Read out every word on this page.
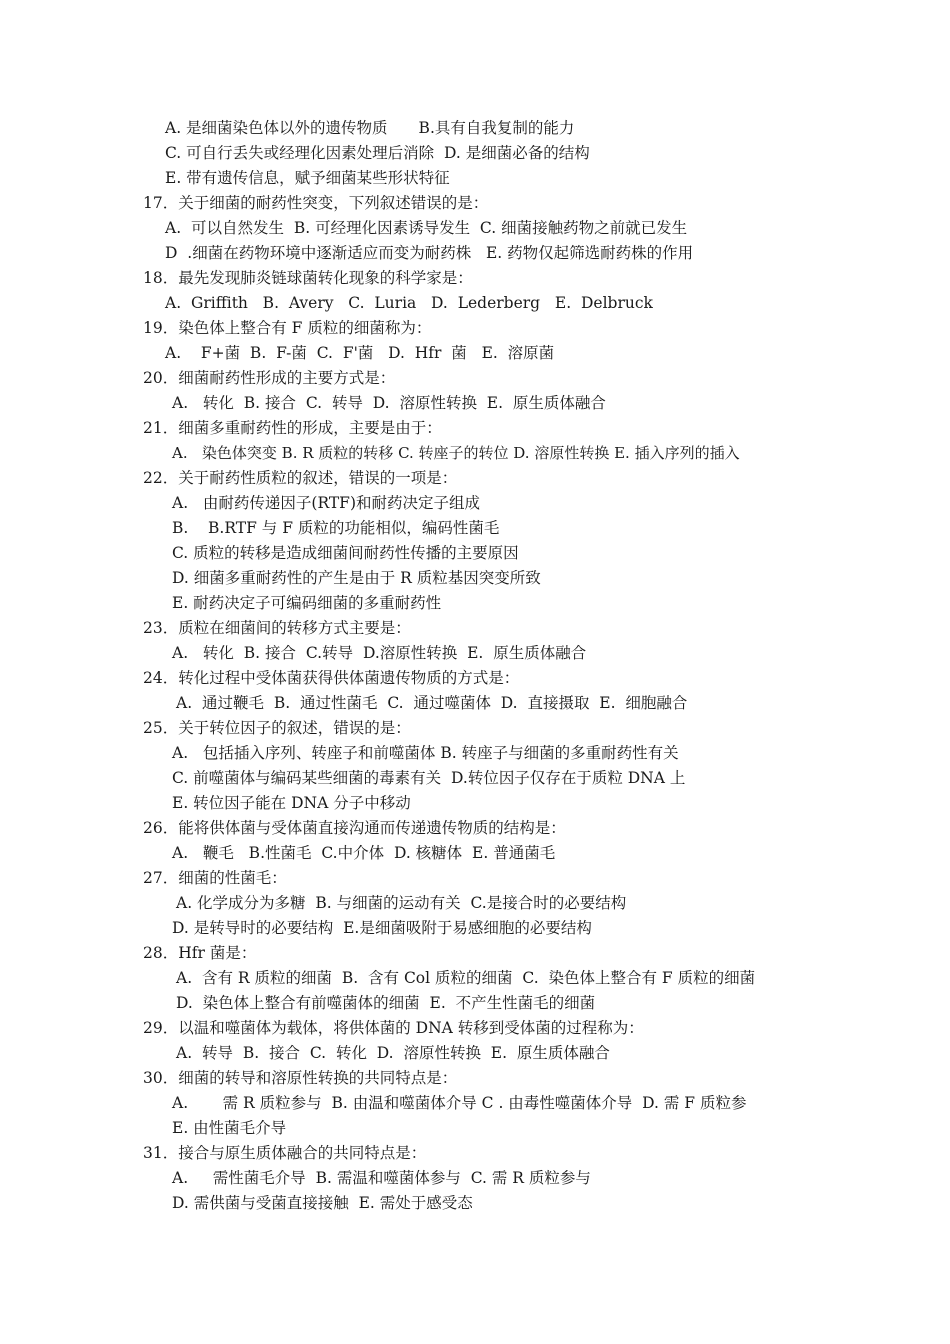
A. 是细菌染色体以外的遗传物质　　B.具有自我复制的能力
C. 可自行丢失或经理化因素处理后消除  D. 是细菌必备的结构
E. 带有遗传信息，赋予细菌某些形状特征
17．关于细菌的耐药性突变，下列叙述错误的是：
A.  可以自然发生  B. 可经理化因素诱导发生  C. 细菌接触药物之前就已发生
D  .细菌在药物环境中逐渐适应而变为耐药株   E. 药物仅起筛选耐药株的作用
18．最先发现肺炎链球菌转化现象的科学家是：
A.  Griffith   B.  Avery   C.  Luria   D.  Lederberg   E.  Delbruck
19．染色体上整合有 F 质粒的细菌称为：
A.    F+菌  B.  F-菌  C.  F'菌   D.  Hfr  菌   E.  溶原菌
20．细菌耐药性形成的主要方式是：
A.   转化  B. 接合  C.  转导  D.  溶原性转换  E.  原生质体融合
21．细菌多重耐药性的形成，主要是由于：
A.   染色体突变 B. R 质粒的转移 C. 转座子的转位 D. 溶原性转换 E. 插入序列的插入
22．关于耐药性质粒的叙述，错误的一项是：
A.   由耐药传递因子(RTF)和耐药决定子组成
B.    B.RTF 与 F 质粒的功能相似，编码性菌毛
C. 质粒的转移是造成细菌间耐药性传播的主要原因
D. 细菌多重耐药性的产生是由于 R 质粒基因突变所致
E. 耐药决定子可编码细菌的多重耐药性
23．质粒在细菌间的转移方式主要是：
A.   转化  B. 接合  C.转导  D.溶原性转换  E.  原生质体融合
24．转化过程中受体菌获得供体菌遗传物质的方式是：
A.  通过鞭毛  B.  通过性菌毛  C.  通过噬菌体  D.  直接摄取  E.  细胞融合
25．关于转位因子的叙述，错误的是：
A.   包括插入序列、转座子和前噬菌体 B. 转座子与细菌的多重耐药性有关
C. 前噬菌体与编码某些细菌的毒素有关  D.转位因子仅存在于质粒 DNA 上
E. 转位因子能在 DNA 分子中移动
26．能将供体菌与受体菌直接沟通而传递遗传物质的结构是：
A.   鞭毛   B.性菌毛  C.中介体  D. 核糖体  E. 普通菌毛
27．细菌的性菌毛：
A. 化学成分为多糖  B. 与细菌的运动有关  C.是接合时的必要结构
D. 是转导时的必要结构  E.是细菌吸附于易感细胞的必要结构
28．Hfr 菌是：
A.  含有 R 质粒的细菌  B.  含有 Col 质粒的细菌  C.  染色体上整合有 F 质粒的细菌
D.  染色体上整合有前噬菌体的细菌  E.  不产生性菌毛的细菌
29．以温和噬菌体为载体，将供体菌的 DNA 转移到受体菌的过程称为：
A.  转导  B.  接合  C.  转化  D.  溶原性转换  E.  原生质体融合
30．细菌的转导和溶原性转换的共同特点是：
A.       需 R 质粒参与  B. 由温和噬菌体介导 C . 由毒性噬菌体介导  D. 需 F 质粒参
E. 由性菌毛介导
31．接合与原生质体融合的共同特点是：
A.     需性菌毛介导  B. 需温和噬菌体参与  C. 需 R 质粒参与
D. 需供菌与受菌直接接触  E. 需处于感受态
